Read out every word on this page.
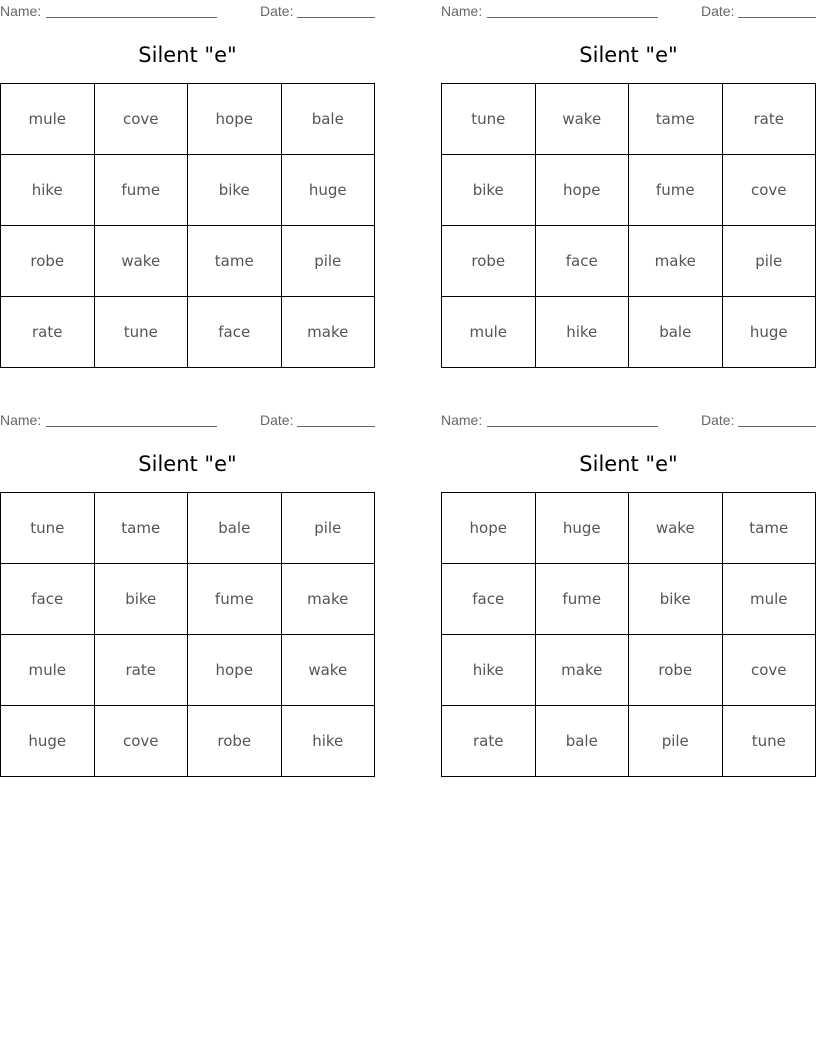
Name:	Date:
Silent "e"
mule	cove	hope	bale
hike	fume	bike	huge
robe	wake	tame	pile
rate	tune	face	make
Name:	Date:
Silent "e"
tune	wake	tame	rate
bike	hope	fume	cove
robe	face	make	pile
mule	hike	bale	huge
Name:	Date:
Silent "e"
tune	tame	bale	pile
face	bike	fume	make
mule	rate	hope	wake
huge	cove	robe	hike
Name:	Date:
Silent "e"
hope	huge	wake	tame
face	fume	bike	mule
hike	make	robe	cove
rate	bale	pile	tune
